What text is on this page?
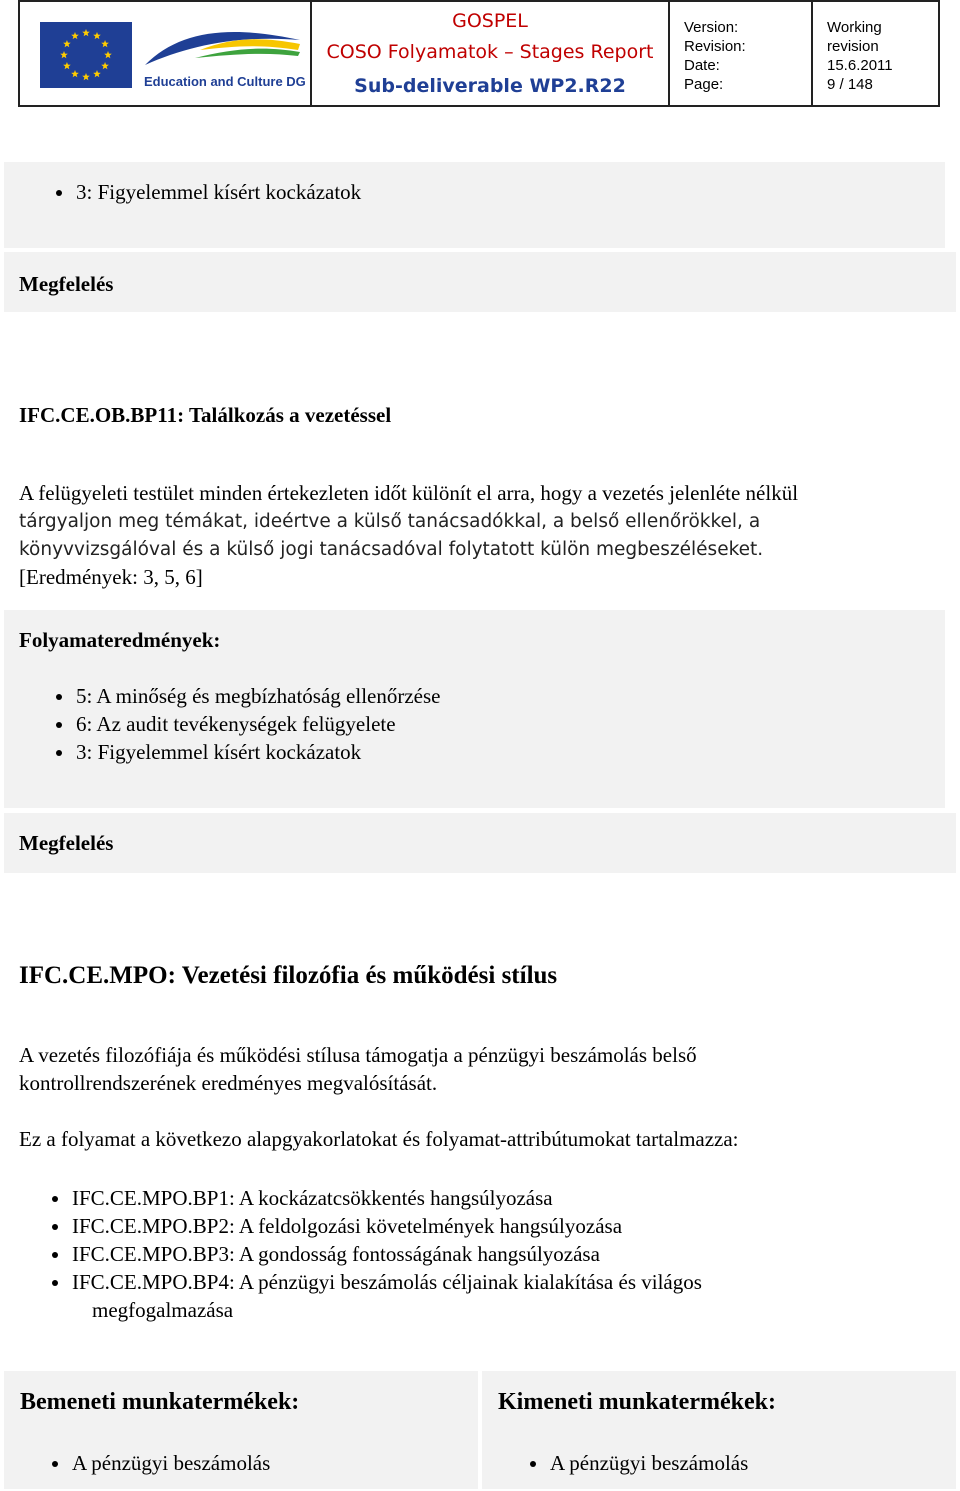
Education and Culture DG
GOSPEL
COSO Folyamatok – Stages Report
Sub-deliverable WP2.R22
Version:
Revision:
Date:
Page:
Working
revision
15.6.2011
9 / 148
3: Figyelemmel kísért kockázatok
Megfelelés
IFC.CE.OB.BP11: Találkozás a vezetéssel
A felügyeleti testület minden értekezleten időt különít el arra, hogy a vezetés jelenléte nélkül
tárgyaljon meg témákat, ideértve a külső tanácsadókkal, a belső ellenőrökkel, a
könyvvizsgálóval és a külső jogi tanácsadóval folytatott külön megbeszéléseket.
[Eredmények: 3, 5, 6]
Folyamateredmények:
5: A minőség és megbízhatóság ellenőrzése
6: Az audit tevékenységek felügyelete
3: Figyelemmel kísért kockázatok
Megfelelés
IFC.CE.MPO: Vezetési filozófia és működési stílus
A vezetés filozófiája és működési stílusa támogatja a pénzügyi beszámolás belső
kontrollrendszerének eredményes megvalósítását.
Ez a folyamat a következo alapgyakorlatokat és folyamat-attribútumokat tartalmazza:
IFC.CE.MPO.BP1: A kockázatcsökkentés hangsúlyozása
IFC.CE.MPO.BP2: A feldolgozási követelmények hangsúlyozása
IFC.CE.MPO.BP3: A gondosság fontosságának hangsúlyozása
IFC.CE.MPO.BP4: A pénzügyi beszámolás céljainak kialakítása és világos
megfogalmazása
Bemeneti munkatermékek:
A pénzügyi beszámolás
Kimeneti munkatermékek:
A pénzügyi beszámolás
